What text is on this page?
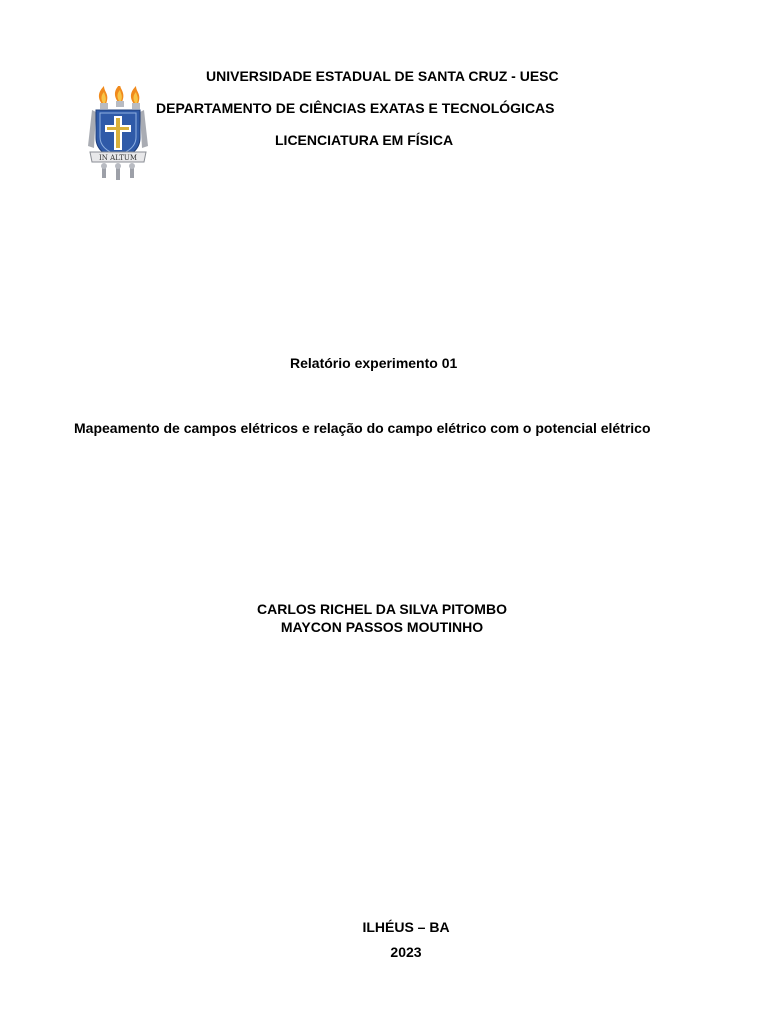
IN ALTUM
UNIVERSIDADE ESTADUAL DE SANTA CRUZ - UESC
DEPARTAMENTO DE CIÊNCIAS EXATAS E TECNOLÓGICAS
LICENCIATURA EM FÍSICA
Relatório experimento 01
Mapeamento de campos elétricos e relação do campo elétrico com o potencial elétrico
CARLOS RICHEL DA SILVA PITOMBO
MAYCON PASSOS MOUTINHO
ILHÉUS – BA
2023
